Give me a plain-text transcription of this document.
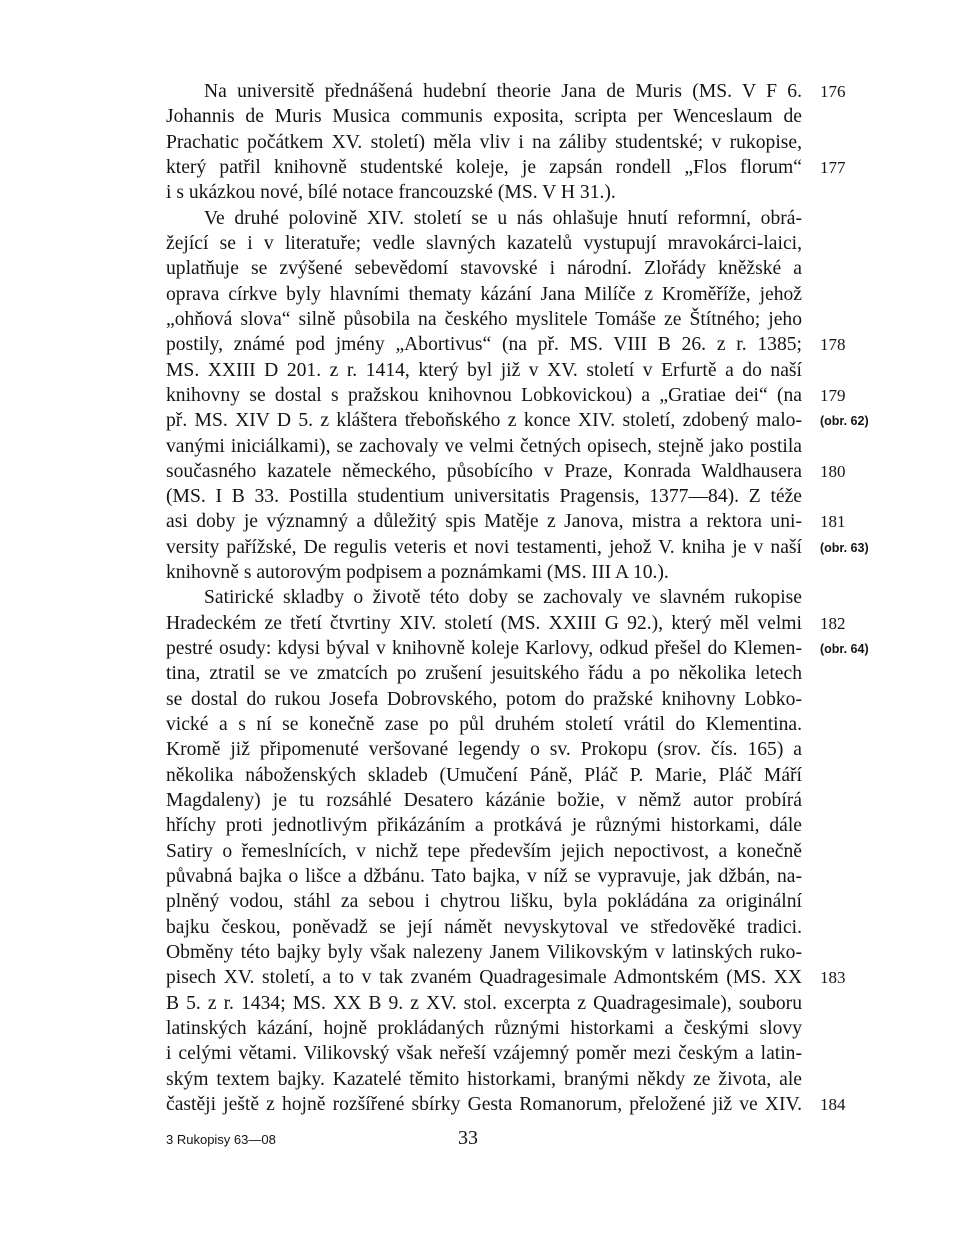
Na universitě přednášená hudební theorie Jana de Muris (MS. V F 6.

Johannis de Muris Musica communis exposita, scripta per Wenceslaum de

Prachatic počátkem XV. století) měla vliv i na záliby studentské; v rukopise,

který patřil knihovně studentské koleje, je zapsán rondell „Flos florum“

i s ukázkou nové, bílé notace francouzské (MS. V H 31.).

Ve druhé polovině XIV. století se u nás ohlašuje hnutí reformní, obrá-

žející se i v literatuře; vedle slavných kazatelů vystupují mravokárci-laici,

uplatňuje se zvýšené sebevědomí stavovské i národní. Zlořády kněžské a

oprava církve byly hlavními thematy kázání Jana Milíče z Kroměříže, jehož

„ohňová slova“ silně působila na českého myslitele Tomáše ze Štítného; jeho

postily, známé pod jmény „Abortivus“ (na př. MS. VIII B 26. z r. 1385;

MS. XXIII D 201. z r. 1414, který byl již v XV. století v Erfurtě a do naší

knihovny se dostal s pražskou knihovnou Lobkovickou) a „Gratiae dei“ (na

př. MS. XIV D 5. z kláštera třeboňského z konce XIV. století, zdobený malo-

vanými iniciálkami), se zachovaly ve velmi četných opisech, stejně jako postila

současného kazatele německého, působícího v Praze, Konrada Waldhausera

(MS. I B 33. Postilla studentium universitatis Pragensis, 1377—84). Z téže

asi doby je významný a důležitý spis Matěje z Janova, mistra a rektora uni-

versity pařížské, De regulis veteris et novi testamenti, jehož V. kniha je v naší

knihovně s autorovým podpisem a poznámkami (MS. III A 10.).

Satirické skladby o životě této doby se zachovaly ve slavném rukopise

Hradeckém ze třetí čtvrtiny XIV. století (MS. XXIII G 92.), který měl velmi

pestré osudy: kdysi býval v knihovně koleje Karlovy, odkud přešel do Klemen-

tina, ztratil se ve zmatcích po zrušení jesuitského řádu a po několika letech

se dostal do rukou Josefa Dobrovského, potom do pražské knihovny Lobko-

vické a s ní se konečně zase po půl druhém století vrátil do Klementina.

Kromě již připomenuté veršované legendy o sv. Prokopu (srov. čís. 165) a

několika náboženských skladeb (Umučení Páně, Pláč P. Marie, Pláč Máří

Magdaleny) je tu rozsáhlé Desatero kázánie božie, v němž autor probírá

hříchy proti jednotlivým přikázáním a protkává je různými historkami, dále

Satiry o řemeslnících, v nichž tepe především jejich nepoctivost, a konečně

půvabná bajka o lišce a džbánu. Tato bajka, v níž se vypravuje, jak džbán, na-

plněný vodou, stáhl za sebou i chytrou lišku, byla pokládána za originální

bajku českou, poněvadž se její námět nevyskytoval ve středověké tradici.

Obměny této bajky byly však nalezeny Janem Vilikovským v latinských ruko-

pisech XV. století, a to v tak zvaném Quadragesimale Admontském (MS. XX

B 5. z r. 1434; MS. XX B 9. z XV. stol. excerpta z Quadragesimale), souboru

latinských kázání, hojně prokládaných různými historkami a českými slovy

i celými větami. Vilikovský však neřeší vzájemný poměr mezi českým a latin-

ským textem bajky. Kazatelé těmito historkami, branými někdy ze života, ale

častěji ještě z hojně rozšířené sbírky Gesta Romanorum, přeložené již ve XIV.

176
177
178
179
(obr. 62)
180
181
(obr. 63)
182
(obr. 64)
183
184
3 Rukopisy 63—08	33
